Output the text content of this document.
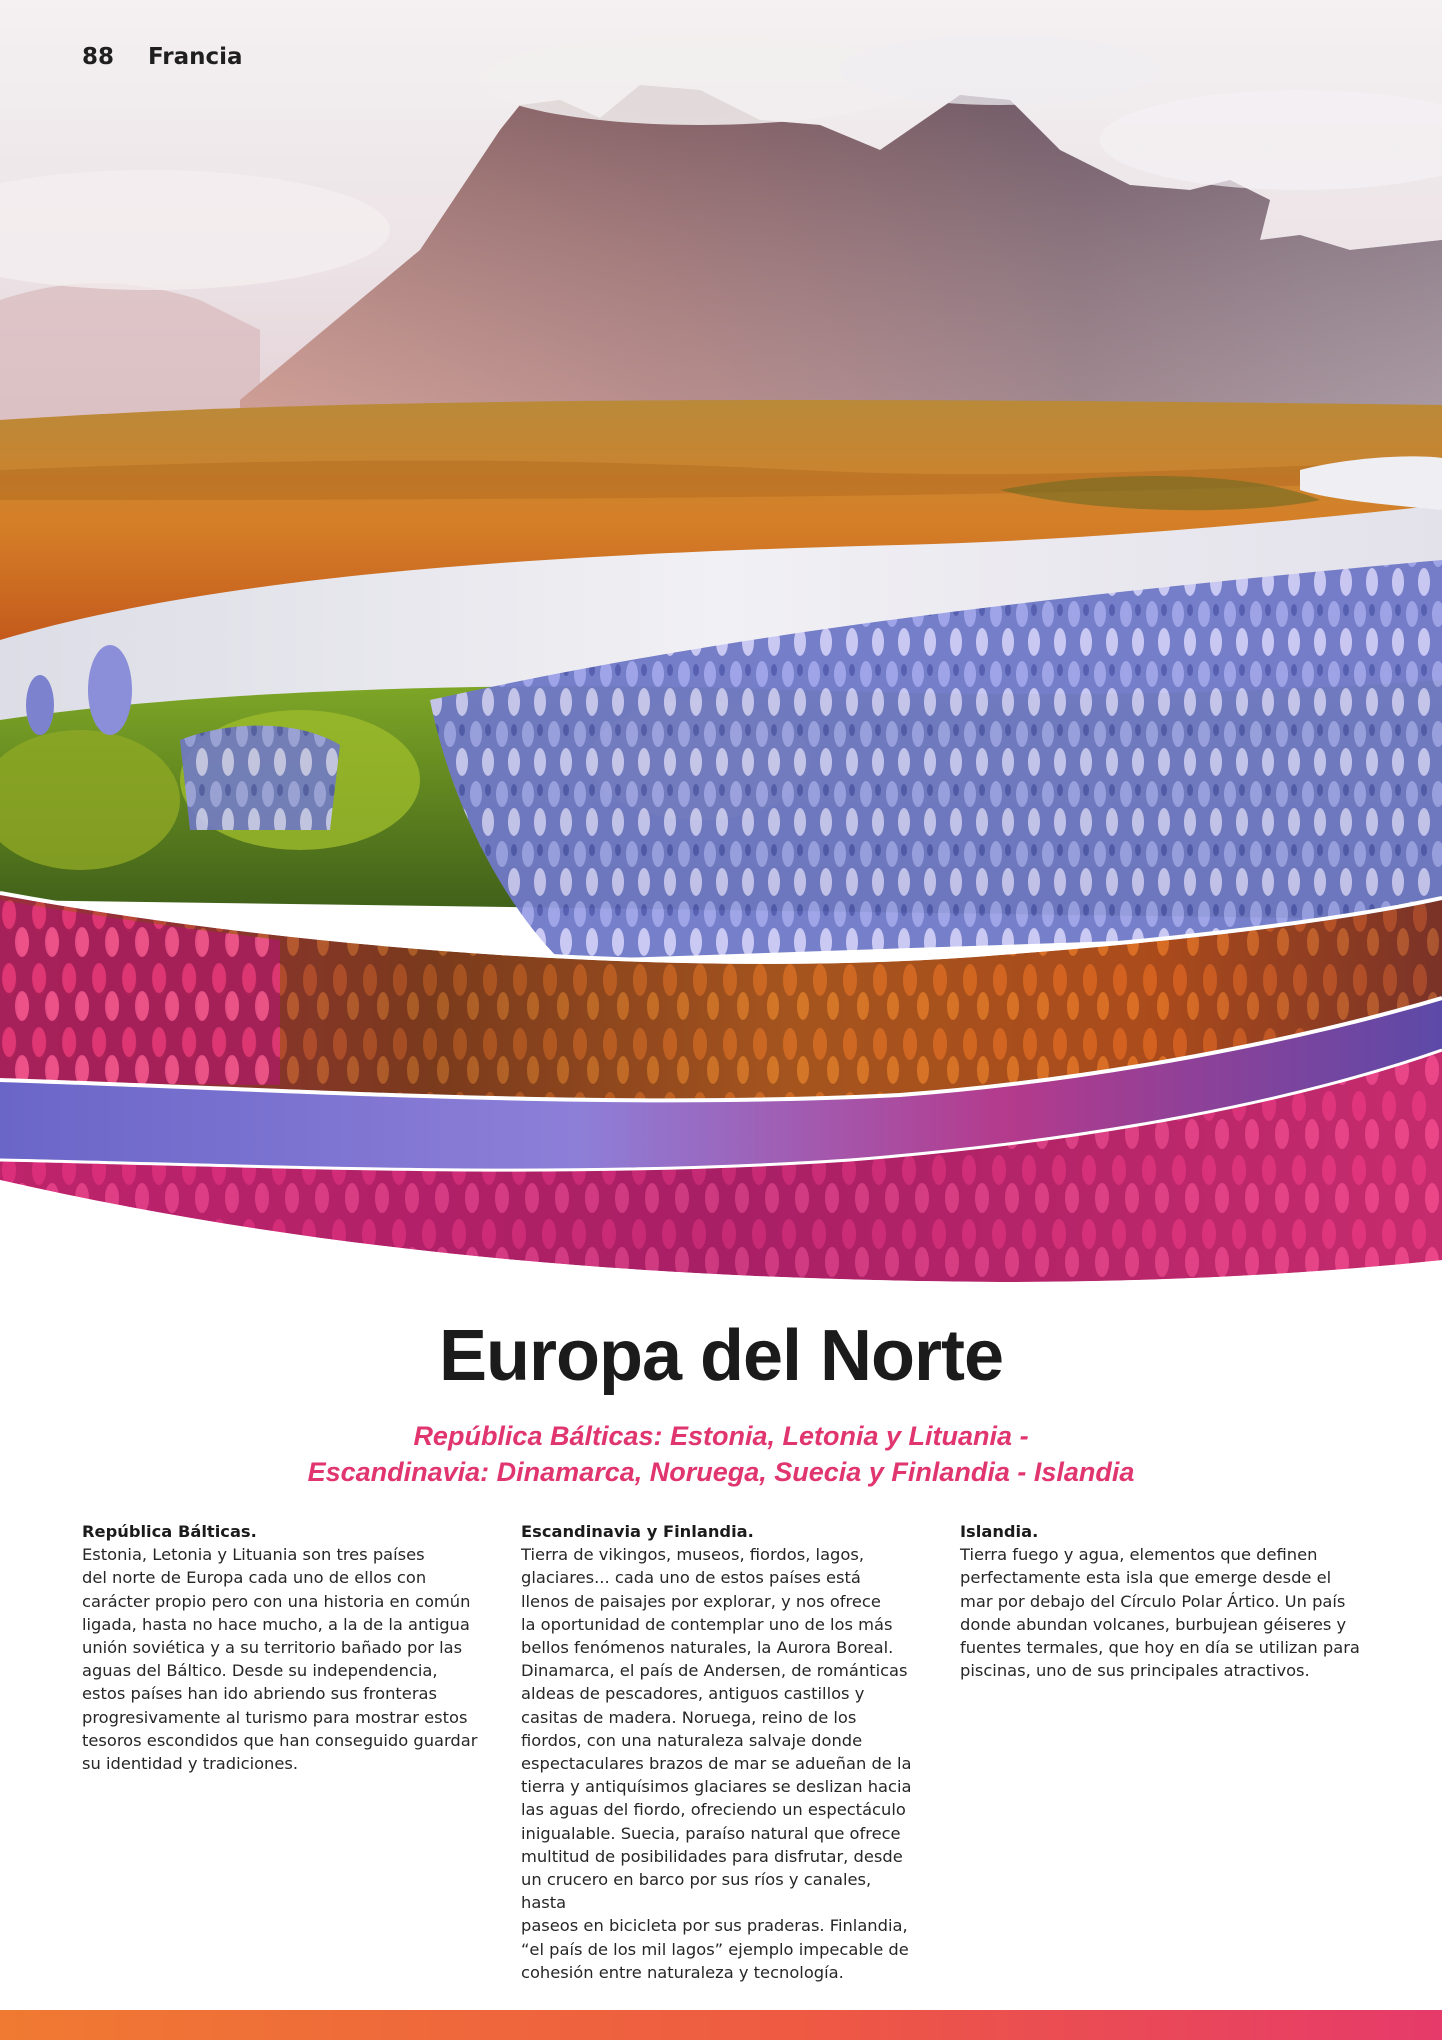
88 Francia
Europa del Norte
República Bálticas: Estonia, Letonia y Lituania -
Escandinavia: Dinamarca, Noruega, Suecia y Finlandia - Islandia
República Bálticas.

Estonia, Letonia y Lituania son tres países
del norte de Europa cada uno de ellos con
carácter propio pero con una historia en común
ligada, hasta no hace mucho, a la de la antigua
unión soviética y a su territorio bañado por las
aguas del Báltico. Desde su independencia,
estos países han ido abriendo sus fronteras
progresivamente al turismo para mostrar estos
tesoros escondidos que han conseguido guardar
su identidad y tradiciones.

Escandinavia y Finlandia.

Tierra de vikingos, museos, fiordos, lagos,
glaciares... cada uno de estos países está
llenos de paisajes por explorar, y nos ofrece
la oportunidad de contemplar uno de los más
bellos fenómenos naturales, la Aurora Boreal.
Dinamarca, el país de Andersen, de románticas
aldeas de pescadores, antiguos castillos y
casitas de madera. Noruega, reino de los
fiordos, con una naturaleza salvaje donde
espectaculares brazos de mar se adueñan de la
tierra y antiquísimos glaciares se deslizan hacia
las aguas del fiordo, ofreciendo un espectáculo
inigualable. Suecia, paraíso natural que ofrece
multitud de posibilidades para disfrutar, desde
un crucero en barco por sus ríos y canales, hasta
paseos en bicicleta por sus praderas. Finlandia,
“el país de los mil lagos” ejemplo impecable de
cohesión entre naturaleza y tecnología.

Islandia.

Tierra fuego y agua, elementos que definen
perfectamente esta isla que emerge desde el
mar por debajo del Círculo Polar Ártico. Un país
donde abundan volcanes, burbujean géiseres y
fuentes termales, que hoy en día se utilizan para
piscinas, uno de sus principales atractivos.
